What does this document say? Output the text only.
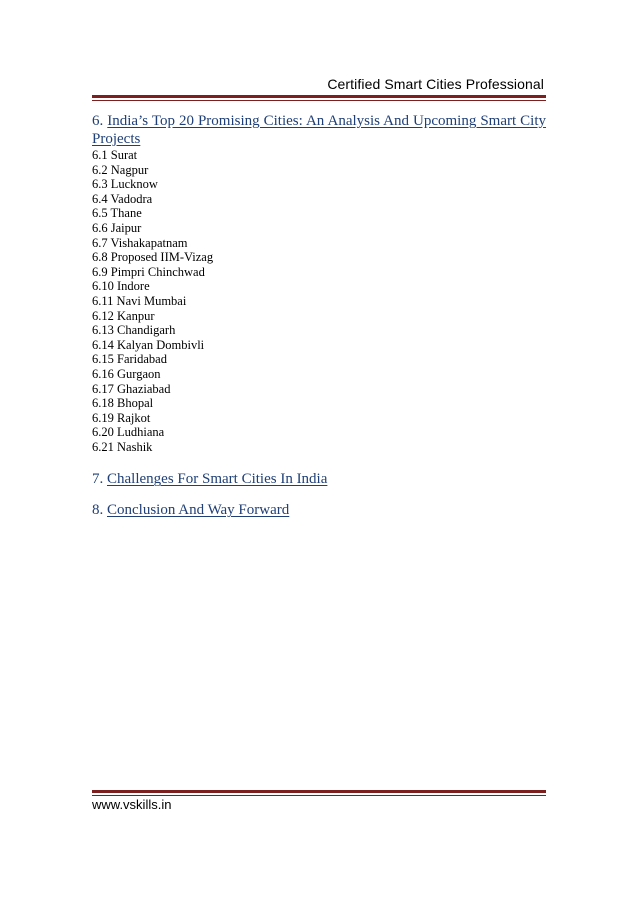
Certified Smart Cities Professional

6. India’s Top 20 Promising Cities: An Analysis And Upcoming Smart City Projects

6.1 Surat
6.2 Nagpur
6.3 Lucknow
6.4 Vadodra
6.5 Thane
6.6 Jaipur
6.7 Vishakapatnam
6.8 Proposed IIM-Vizag
6.9 Pimpri Chinchwad
6.10 Indore
6.11 Navi Mumbai
6.12 Kanpur
6.13 Chandigarh
6.14 Kalyan Dombivli
6.15 Faridabad
6.16 Gurgaon
6.17 Ghaziabad
6.18 Bhopal
6.19 Rajkot
6.20 Ludhiana
6.21 Nashik

7. Challenges For Smart Cities In India

8. Conclusion And Way Forward

www.vskills.in
